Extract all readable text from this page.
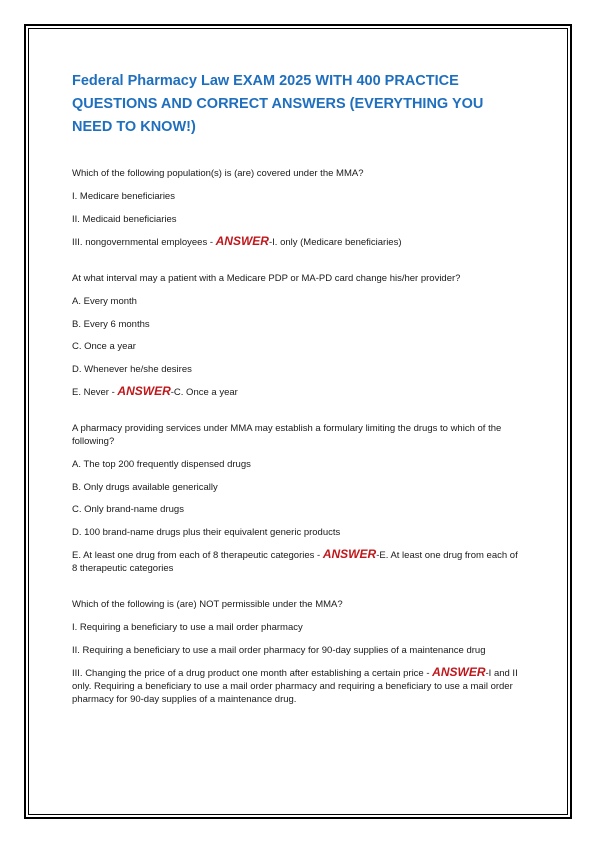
Federal Pharmacy Law EXAM 2025 WITH 400 PRACTICE QUESTIONS AND CORRECT ANSWERS (EVERYTHING YOU NEED TO KNOW!)
Which of the following population(s) is (are) covered under the MMA?
I. Medicare beneficiaries
II. Medicaid beneficiaries
III. nongovernmental employees - ANSWER-I. only (Medicare beneficiaries)
At what interval may a patient with a Medicare PDP or MA-PD card change his/her provider?
A. Every month
B. Every 6 months
C. Once a year
D. Whenever he/she desires
E. Never - ANSWER-C. Once a year
A pharmacy providing services under MMA may establish a formulary limiting the drugs to which of the following?
A. The top 200 frequently dispensed drugs
B. Only drugs available generically
C. Only brand-name drugs
D. 100 brand-name drugs plus their equivalent generic products
E. At least one drug from each of 8 therapeutic categories - ANSWER-E. At least one drug from each of 8 therapeutic categories
Which of the following is (are) NOT permissible under the MMA?
I. Requiring a beneficiary to use a mail order pharmacy
II. Requiring a beneficiary to use a mail order pharmacy for 90-day supplies of a maintenance drug
III. Changing the price of a drug product one month after establishing a certain price - ANSWER-I and II only. Requiring a beneficiary to use a mail order pharmacy and requiring a beneficiary to use a mail order pharmacy for 90-day supplies of a maintenance drug.
